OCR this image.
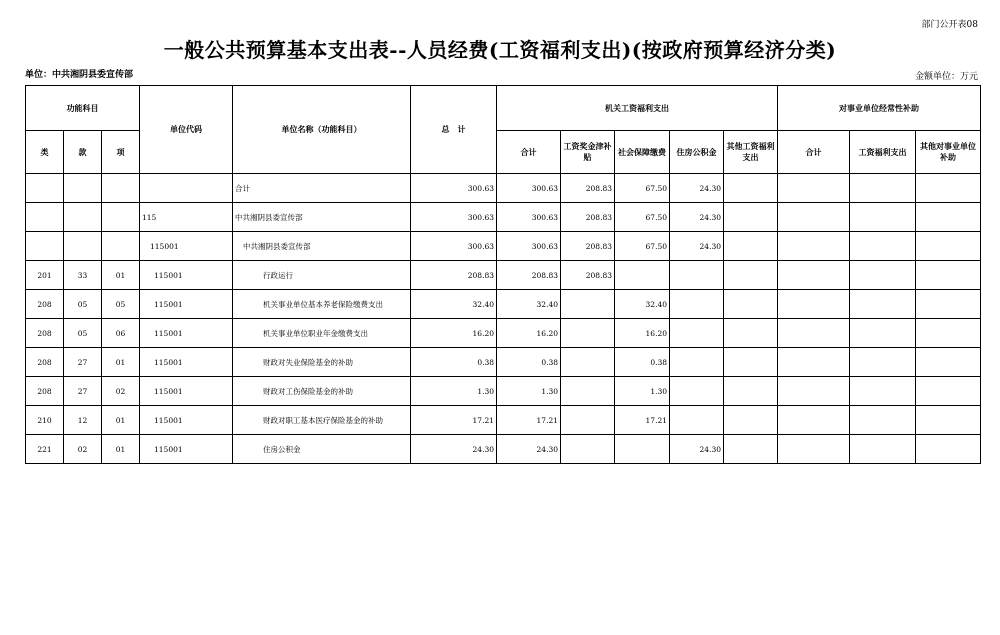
部门公开表08
一般公共预算基本支出表--人员经费(工资福利支出)(按政府预算经济分类)
单位：中共湘阴县委宣传部	金额单位：万元
功能科目			单位代码	单位名称（功能科目）	总　计	机关工资福利支出					对事业单位经常性补助		
类	款	项				合计	工资奖金津补贴	社会保障缴费	住房公积金	其他工资福利支出	合计	工资福利支出	其他对事业单位补助
				合计	300.63	300.63	208.83	67.50	24.30				
			115	中共湘阴县委宣传部	300.63	300.63	208.83	67.50	24.30				
			115001	中共湘阴县委宣传部	300.63	300.63	208.83	67.50	24.30				
201	33	01	115001	行政运行	208.83	208.83	208.83						
208	05	05	115001	机关事业单位基本养老保险缴费支出	32.40	32.40		32.40					
208	05	06	115001	机关事业单位职业年金缴费支出	16.20	16.20		16.20					
208	27	01	115001	财政对失业保险基金的补助	0.38	0.38		0.38					
208	27	02	115001	财政对工伤保险基金的补助	1.30	1.30		1.30					
210	12	01	115001	财政对职工基本医疗保险基金的补助	17.21	17.21		17.21					
221	02	01	115001	住房公积金	24.30	24.30			24.30				
